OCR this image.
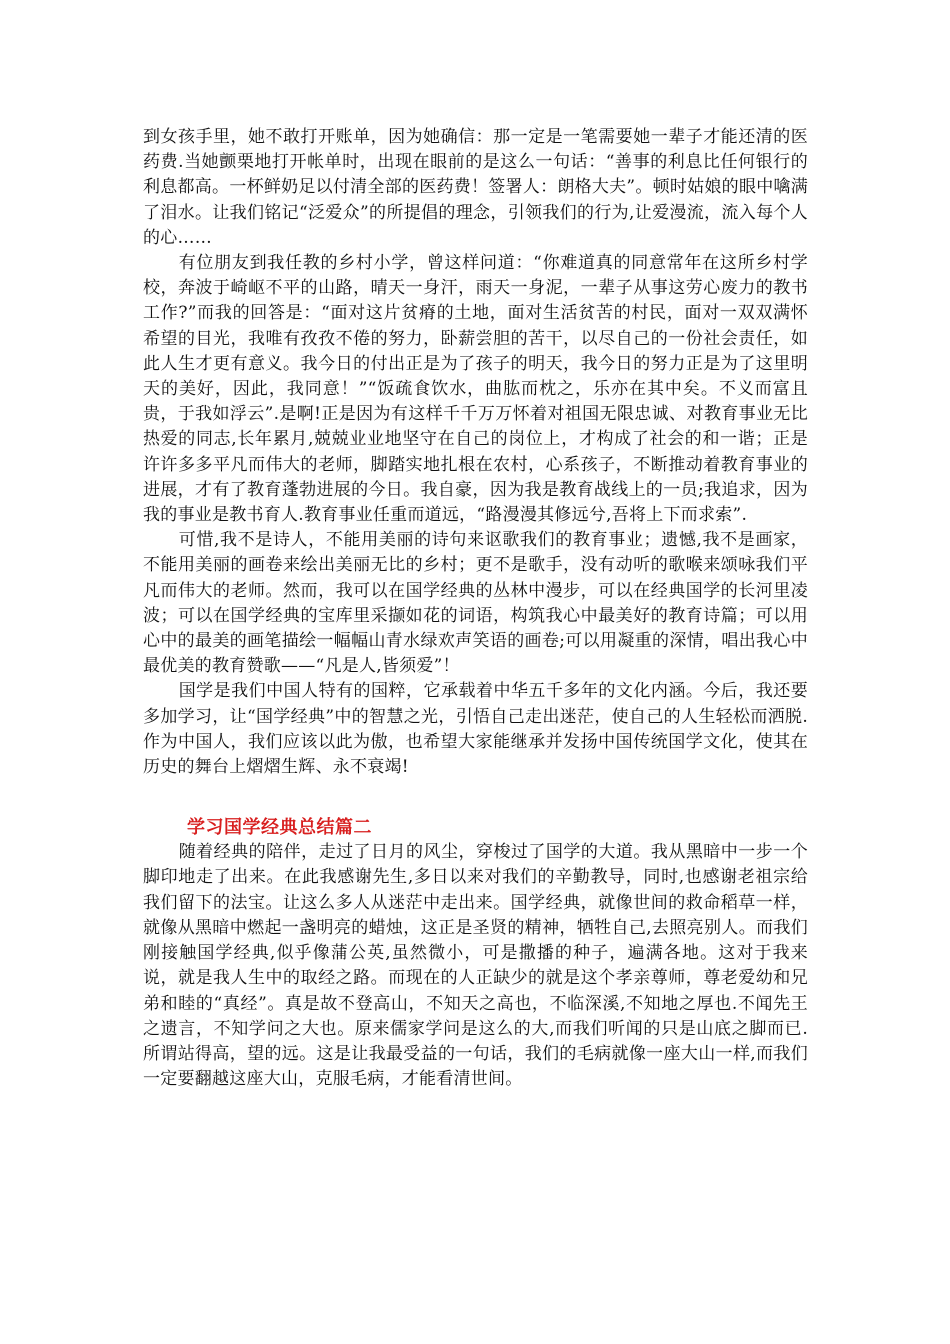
到女孩手里，她不敢打开账单，因为她确信：那一定是一笔需要她一辈子才能还清的医药费.当她颤栗地打开帐单时，出现在眼前的是这么一句话：“善事的利息比任何银行的利息都高。一杯鲜奶足以付清全部的医药费！签署人：朗格大夫”。顿时姑娘的眼中噙满了泪水。让我们铭记“泛爱众”的所提倡的理念，引领我们的行为,让爱漫流，流入每个人的心……

有位朋友到我任教的乡村小学，曾这样问道：“你难道真的同意常年在这所乡村学校，奔波于崎岖不平的山路，晴天一身汗，雨天一身泥，一辈子从事这劳心废力的教书工作?”而我的回答是：“面对这片贫瘠的土地，面对生活贫苦的村民，面对一双双满怀希望的目光，我唯有孜孜不倦的努力，卧薪尝胆的苦干，以尽自己的一份社会责任，如此人生才更有意义。我今日的付出正是为了孩子的明天，我今日的努力正是为了这里明天的美好，因此，我同意！”“饭疏食饮水，曲肱而枕之，乐亦在其中矣。不义而富且贵，于我如浮云”.是啊!正是因为有这样千千万万怀着对祖国无限忠诚、对教育事业无比热爱的同志,长年累月,兢兢业业地坚守在自己的岗位上，才构成了社会的和一谐；正是许许多多平凡而伟大的老师，脚踏实地扎根在农村，心系孩子，不断推动着教育事业的进展，才有了教育蓬勃进展的今日。我自豪，因为我是教育战线上的一员;我追求，因为我的事业是教书育人.教育事业任重而道远，“路漫漫其修远兮,吾将上下而求索”.

可惜,我不是诗人，不能用美丽的诗句来讴歌我们的教育事业；遗憾,我不是画家，不能用美丽的画卷来绘出美丽无比的乡村；更不是歌手，没有动听的歌喉来颂咏我们平凡而伟大的老师。然而，我可以在国学经典的丛林中漫步，可以在经典国学的长河里凌波；可以在国学经典的宝库里采撷如花的词语，构筑我心中最美好的教育诗篇；可以用心中的最美的画笔描绘一幅幅山青水绿欢声笑语的画卷;可以用凝重的深情，唱出我心中最优美的教育赞歌——“凡是人,皆须爱”！

国学是我们中国人特有的国粹，它承载着中华五千多年的文化内涵。今后，我还要多加学习，让“国学经典”中的智慧之光，引悟自己走出迷茫，使自己的人生轻松而洒脱.作为中国人，我们应该以此为傲，也希望大家能继承并发扬中国传统国学文化，使其在历史的舞台上熠熠生辉、永不衰竭!

学习国学经典总结篇二

随着经典的陪伴，走过了日月的风尘，穿梭过了国学的大道。我从黑暗中一步一个脚印地走了出来。在此我感谢先生,多日以来对我们的辛勤教导，同时,也感谢老祖宗给我们留下的法宝。让这么多人从迷茫中走出来。国学经典，就像世间的救命稻草一样，就像从黑暗中燃起一盏明亮的蜡烛，这正是圣贤的精神，牺牲自己,去照亮别人。而我们刚接触国学经典,似乎像蒲公英,虽然微小，可是撒播的种子，遍满各地。这对于我来说，就是我人生中的取经之路。而现在的人正缺少的就是这个孝亲尊师，尊老爱幼和兄弟和睦的“真经”。真是故不登高山，不知天之高也，不临深溪,不知地之厚也.不闻先王之遗言，不知学问之大也。原来儒家学问是这么的大,而我们听闻的只是山底之脚而已.所谓站得高，望的远。这是让我最受益的一句话，我们的毛病就像一座大山一样,而我们一定要翻越这座大山，克服毛病，才能看清世间。
